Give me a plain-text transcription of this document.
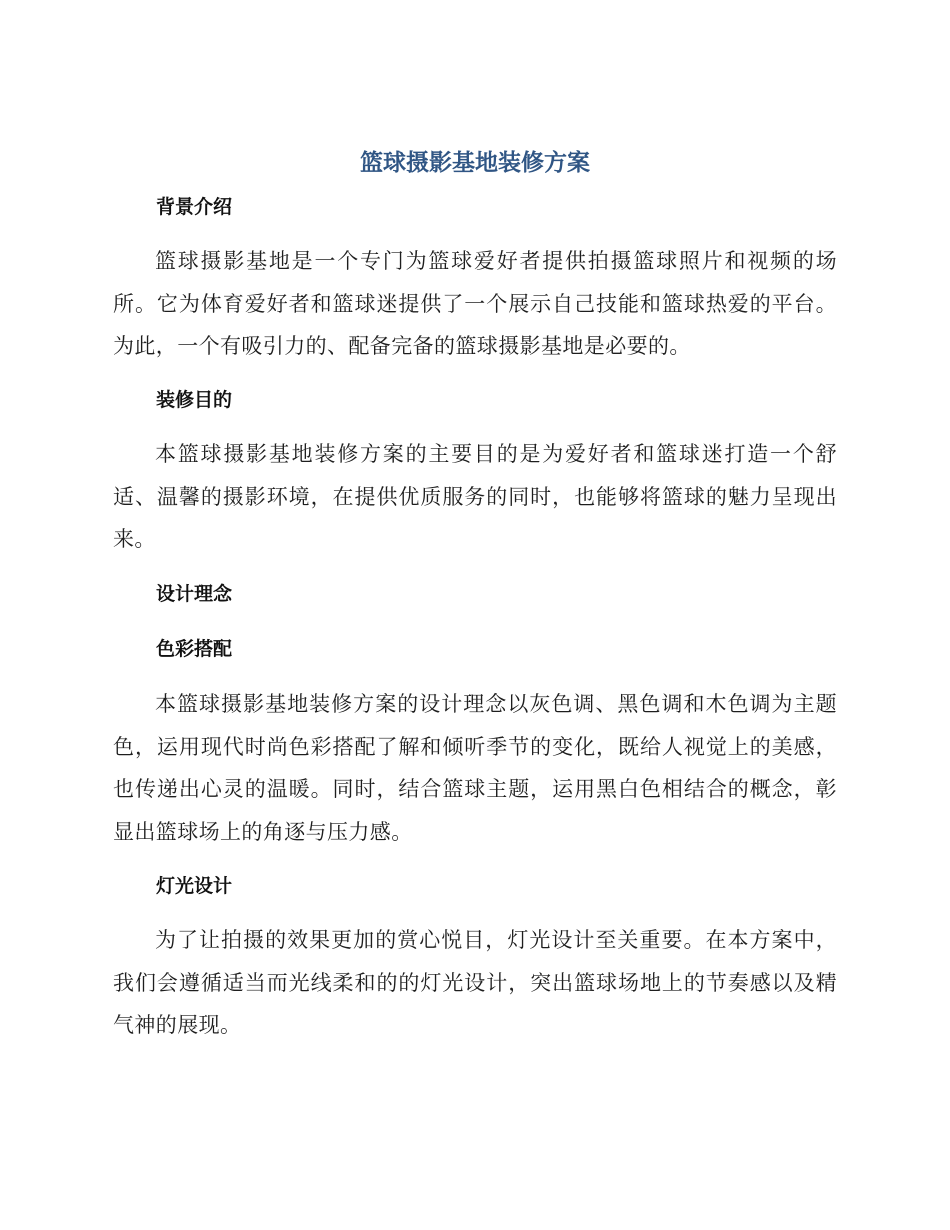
篮球摄影基地装修方案
背景介绍

篮球摄影基地是一个专门为篮球爱好者提供拍摄篮球照片和视频的场所。它为体育爱好者和篮球迷提供了一个展示自己技能和篮球热爱的平台。为此，一个有吸引力的、配备完备的篮球摄影基地是必要的。

装修目的

本篮球摄影基地装修方案的主要目的是为爱好者和篮球迷打造一个舒适、温馨的摄影环境，在提供优质服务的同时，也能够将篮球的魅力呈现出来。

设计理念
色彩搭配

本篮球摄影基地装修方案的设计理念以灰色调、黑色调和木色调为主题色，运用现代时尚色彩搭配了解和倾听季节的变化，既给人视觉上的美感，也传递出心灵的温暖。同时，结合篮球主题，运用黑白色相结合的概念，彰显出篮球场上的角逐与压力感。

灯光设计

为了让拍摄的效果更加的赏心悦目，灯光设计至关重要。在本方案中，我们会遵循适当而光线柔和的的灯光设计，突出篮球场地上的节奏感以及精气神的展现。
